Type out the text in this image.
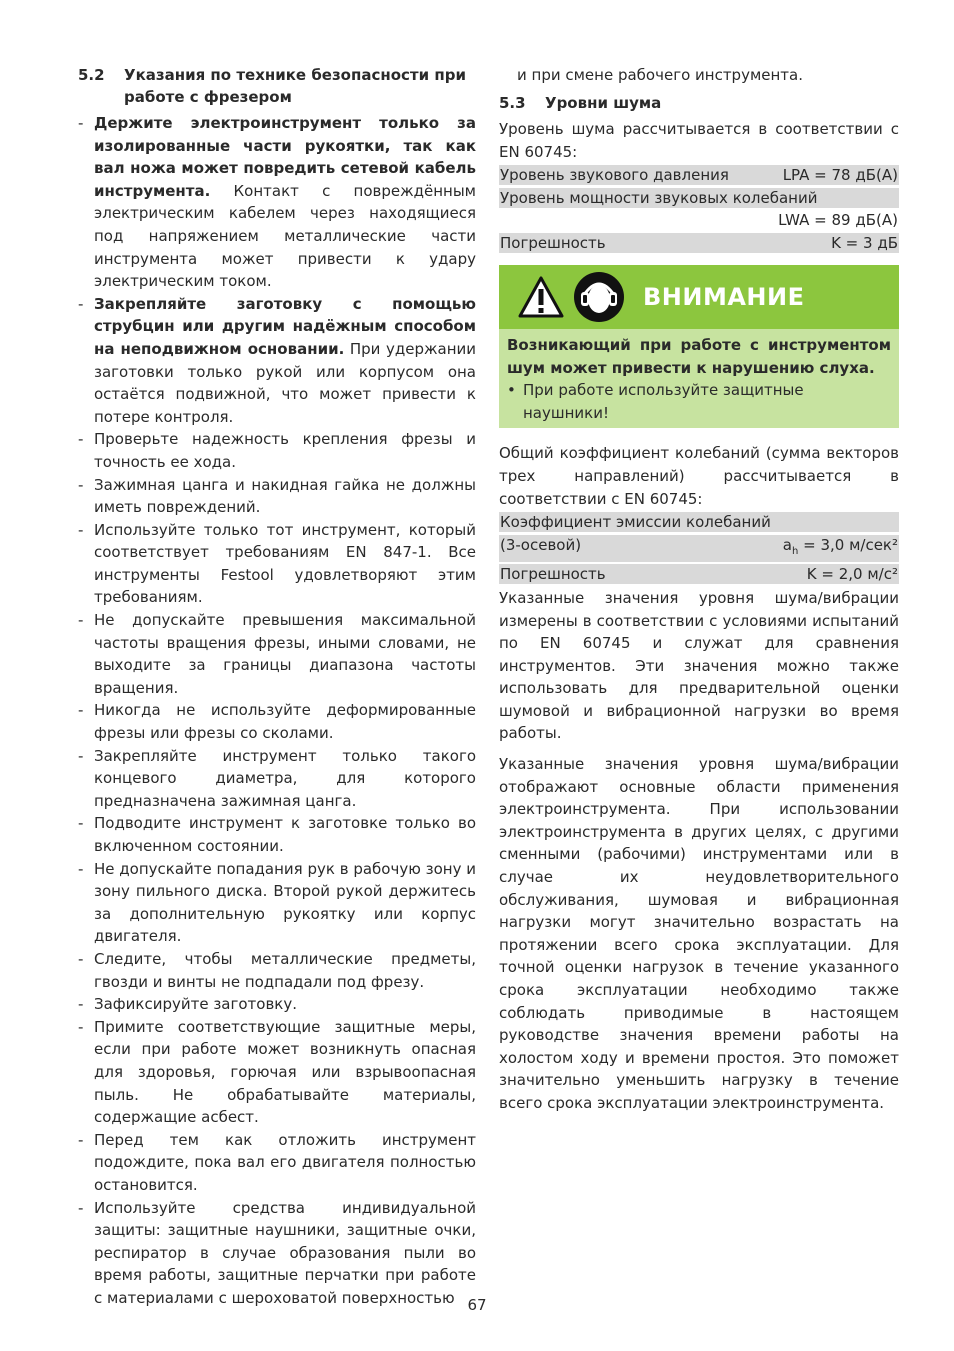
5.2	Указания по технике безопасности при работе с фрезером
- Держите электроинструмент только за изолированные части рукоятки, так как вал ножа может повредить сетевой кабель инструмента. Контакт с повреждённым электрическим кабелем через находящиеся под напряжением металлические части инструмента может привести к удару электрическим током.
- Закрепляйте заготовку с помощью струбцин или другим надёжным способом на неподвижном основании. При удержании заготовки только рукой или корпусом она остаётся подвижной, что может привести к потере контроля.
- Проверьте надежность крепления фрезы и точность ее хода.
- Зажимная цанга и накидная гайка не должны иметь повреждений.
- Используйте только тот инструмент, который соответствует требованиям EN 847-1. Все инструменты Festool удовлетворяют этим требованиям.
- Не допускайте превышения максимальной частоты вращения фрезы, иными словами, не выходите за границы диапазона частоты вращения.
- Никогда не используйте деформированные фрезы или фрезы со сколами.
- Закрепляйте инструмент только такого концевого диаметра, для которого предназначена зажимная цанга.
- Подводите инструмент к заготовке только во включенном состоянии.
- Не допускайте попадания рук в рабочую зону и зону пильного диска. Второй рукой держитесь за дополнительную рукоятку или корпус двигателя.
- Следите, чтобы металлические предметы, гвозди и винты не подпадали под фрезу.
- Зафиксируйте заготовку.
- Примите соответствующие защитные меры, если при работе может возникнуть опасная для здоровья, горючая или взрывоопасная пыль. Не обрабатывайте материалы, содержащие асбест.
- Перед тем как отложить инструмент подождите, пока вал его двигателя полностью остановится.
- Используйте средства индивидуальной защиты: защитные наушники, защитные очки, респиратор в случае образования пыли во время работы, защитные перчатки при работе с материалами с шероховатой поверхностью

и при смене рабочего инструмента.

5.3	Уровни шума

Уровень шума рассчитывается в соответствии с EN 60745:

Уровень звукового давления	LPA = 78 дБ(A)
Уровень мощности звуковых колебаний
LWA = 89 дБ(A)
Погрешность	K = 3 дБ
ВНИМАНИЕ
Возникающий при работе с инструментом шум может привести к нарушению слуха.
• При работе используйте защитные наушники!

Общий коэффициент колебаний (сумма векторов трех направлений) рассчитывается в соответствии с EN 60745:

Коэффициент эмиссии колебаний
(3-осевой)	$a_h = 3,0$ м/сек²
Погрешность	K = 2,0 м/с²

Указанные значения уровня шума/вибрации измерены в соответствии с условиями испытаний по EN 60745 и служат для сравнения инструментов. Эти значения можно также использовать для предварительной оценки шумовой и вибрационной нагрузки во время работы.

Указанные значения уровня шума/вибрации отображают основные области применения электроинструмента. При использовании электроинструмента в других целях, с другими сменными (рабочими) инструментами или в случае их неудовлетворительного обслуживания, шумовая и вибрационная нагрузки могут значительно возрастать на протяжении всего срока эксплуатации. Для точной оценки нагрузок в течение указанного срока эксплуатации необходимо также соблюдать приводимые в настоящем руководстве значения времени работы на холостом ходу и времени простоя. Это поможет значительно уменьшить нагрузку в течение всего срока эксплуатации электроинструмента.

67
